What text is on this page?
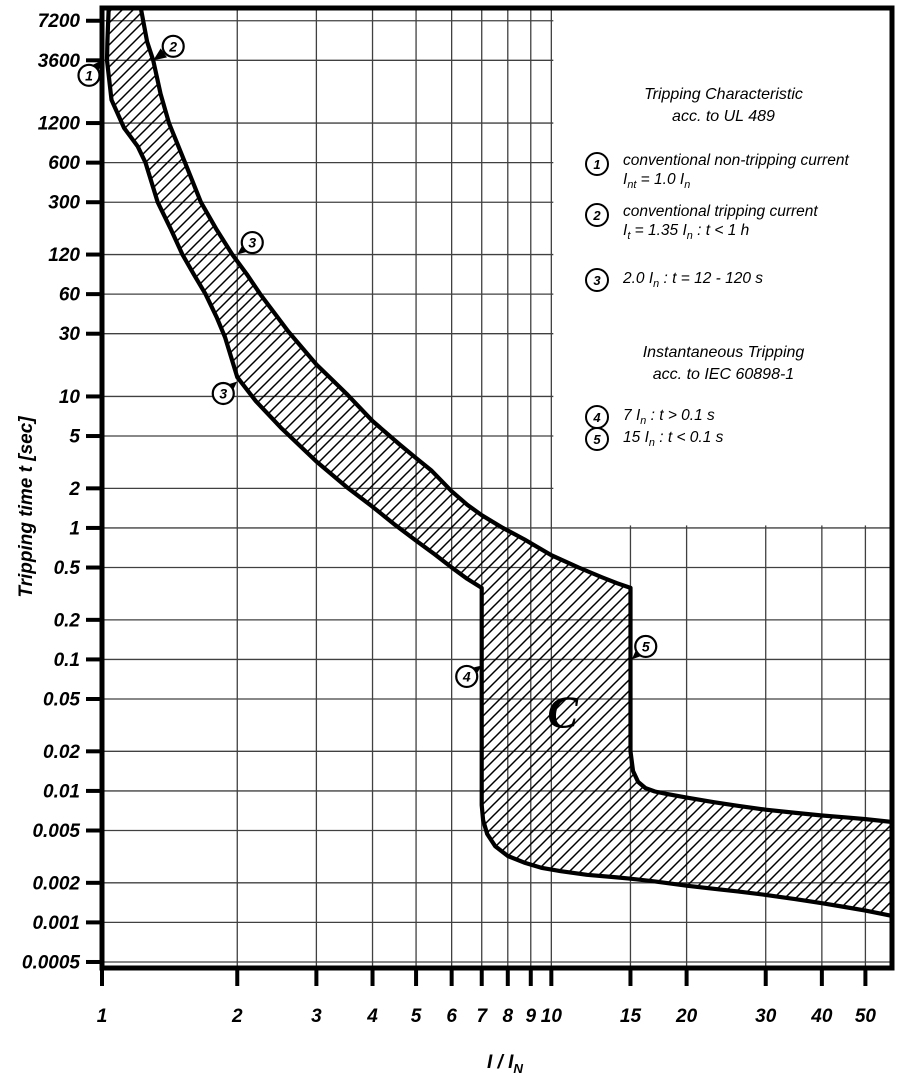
7200
3600
1200
600
300
120
60
30
10
5
2
1
0.5
0.2
0.1
0.05
0.02
0.01
0.005
0.002
0.001
0.0005
1	2	3 4 5 6 7 8 9 10	15 20	30 40 50
1
2
3
3
4
5
C
Tripping time t [sec]
I / $I_N$
Tripping Characteristic
acc. to UL 489
1	conventional non-tripping current
$I_{nt} = 1.0$ $I_n$
2	conventional tripping current
$I_t = 1.35$ $I_n$ : t < 1 h
3	2.0 $I_n$ : t = 12 - 120 s
Instantaneous Tripping
acc. to IEC 60898-1
4	7 $I_n$ : t > 0.1 s
5	15 $I_n$ : t < 0.1 s
